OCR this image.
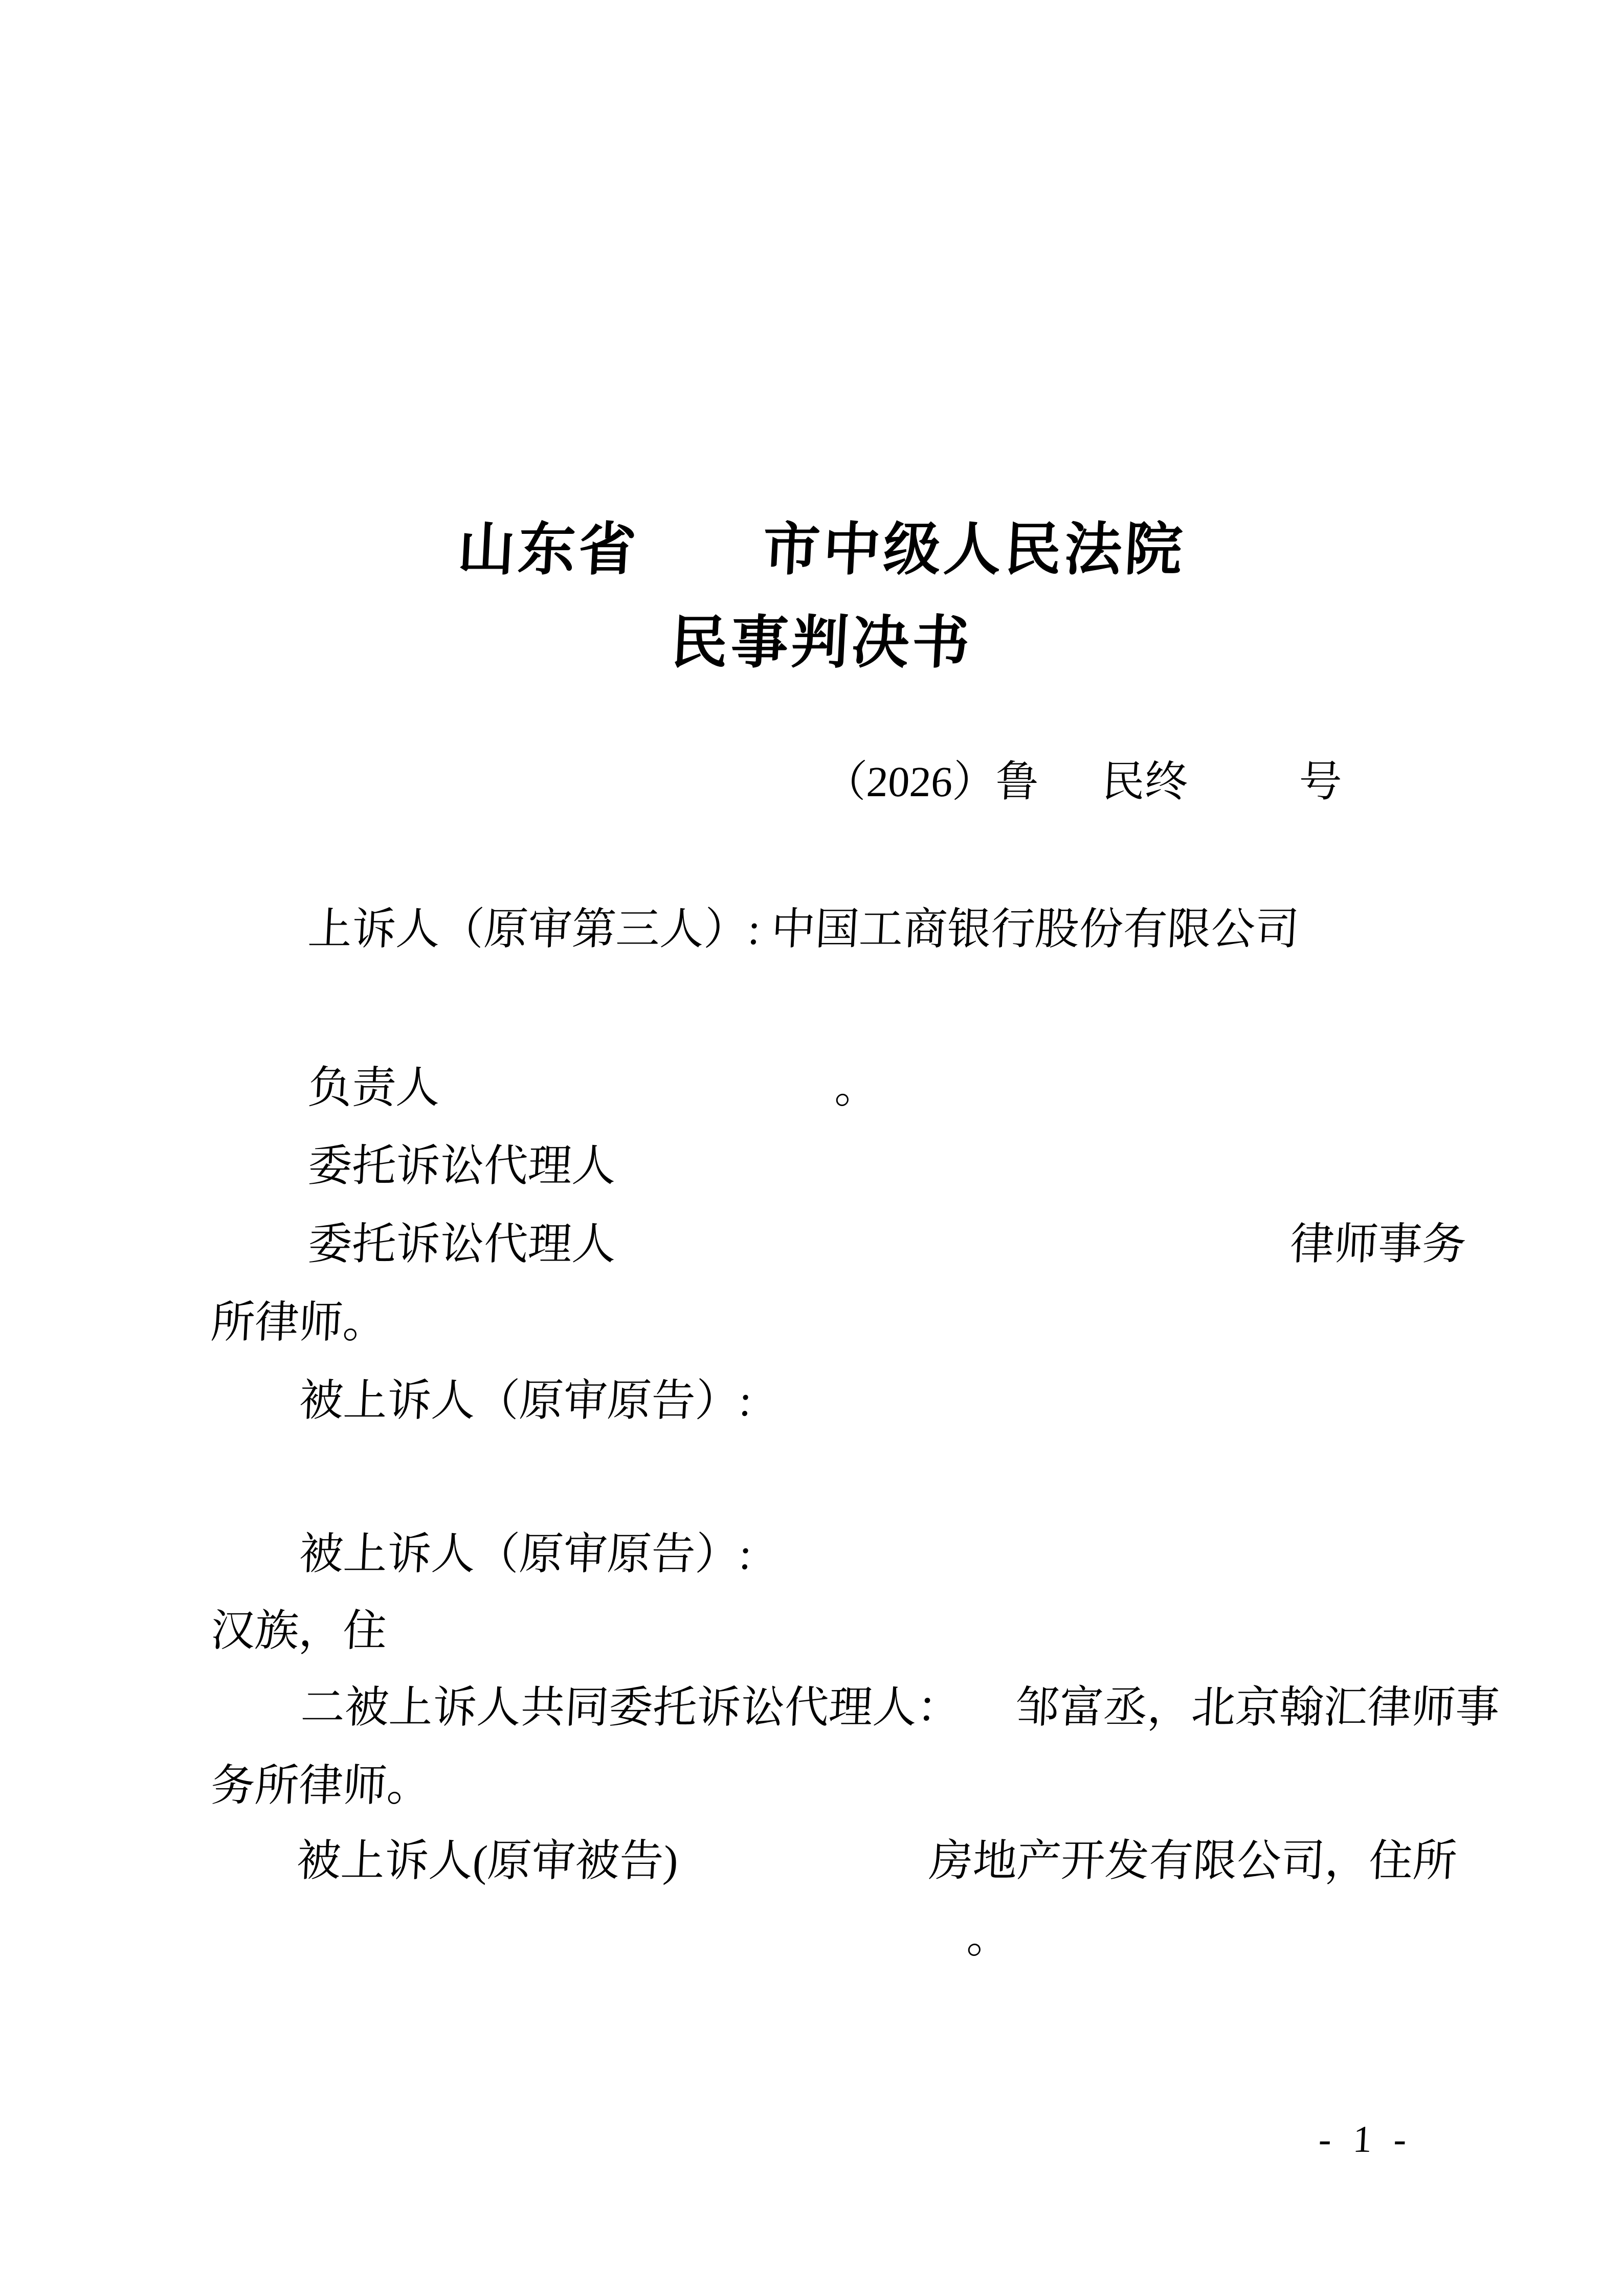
山东省 市中级人民法院
民事判决书
（2026）鲁 民终	号
上诉人（原审第三人）: 中国工商银行股份有限公司
负责人	。
委托诉讼代理人
委托诉讼代理人	律师事务
所律师。
被上诉人（原审原告）:
被上诉人（原审原告）:
汉族，住
二被上诉人共同委托诉讼代理人： 邹富丞，北京翰汇律师事
务所律师。
被上诉人(原审被告)	房地产开发有限公司，住所
。
- 1 -
